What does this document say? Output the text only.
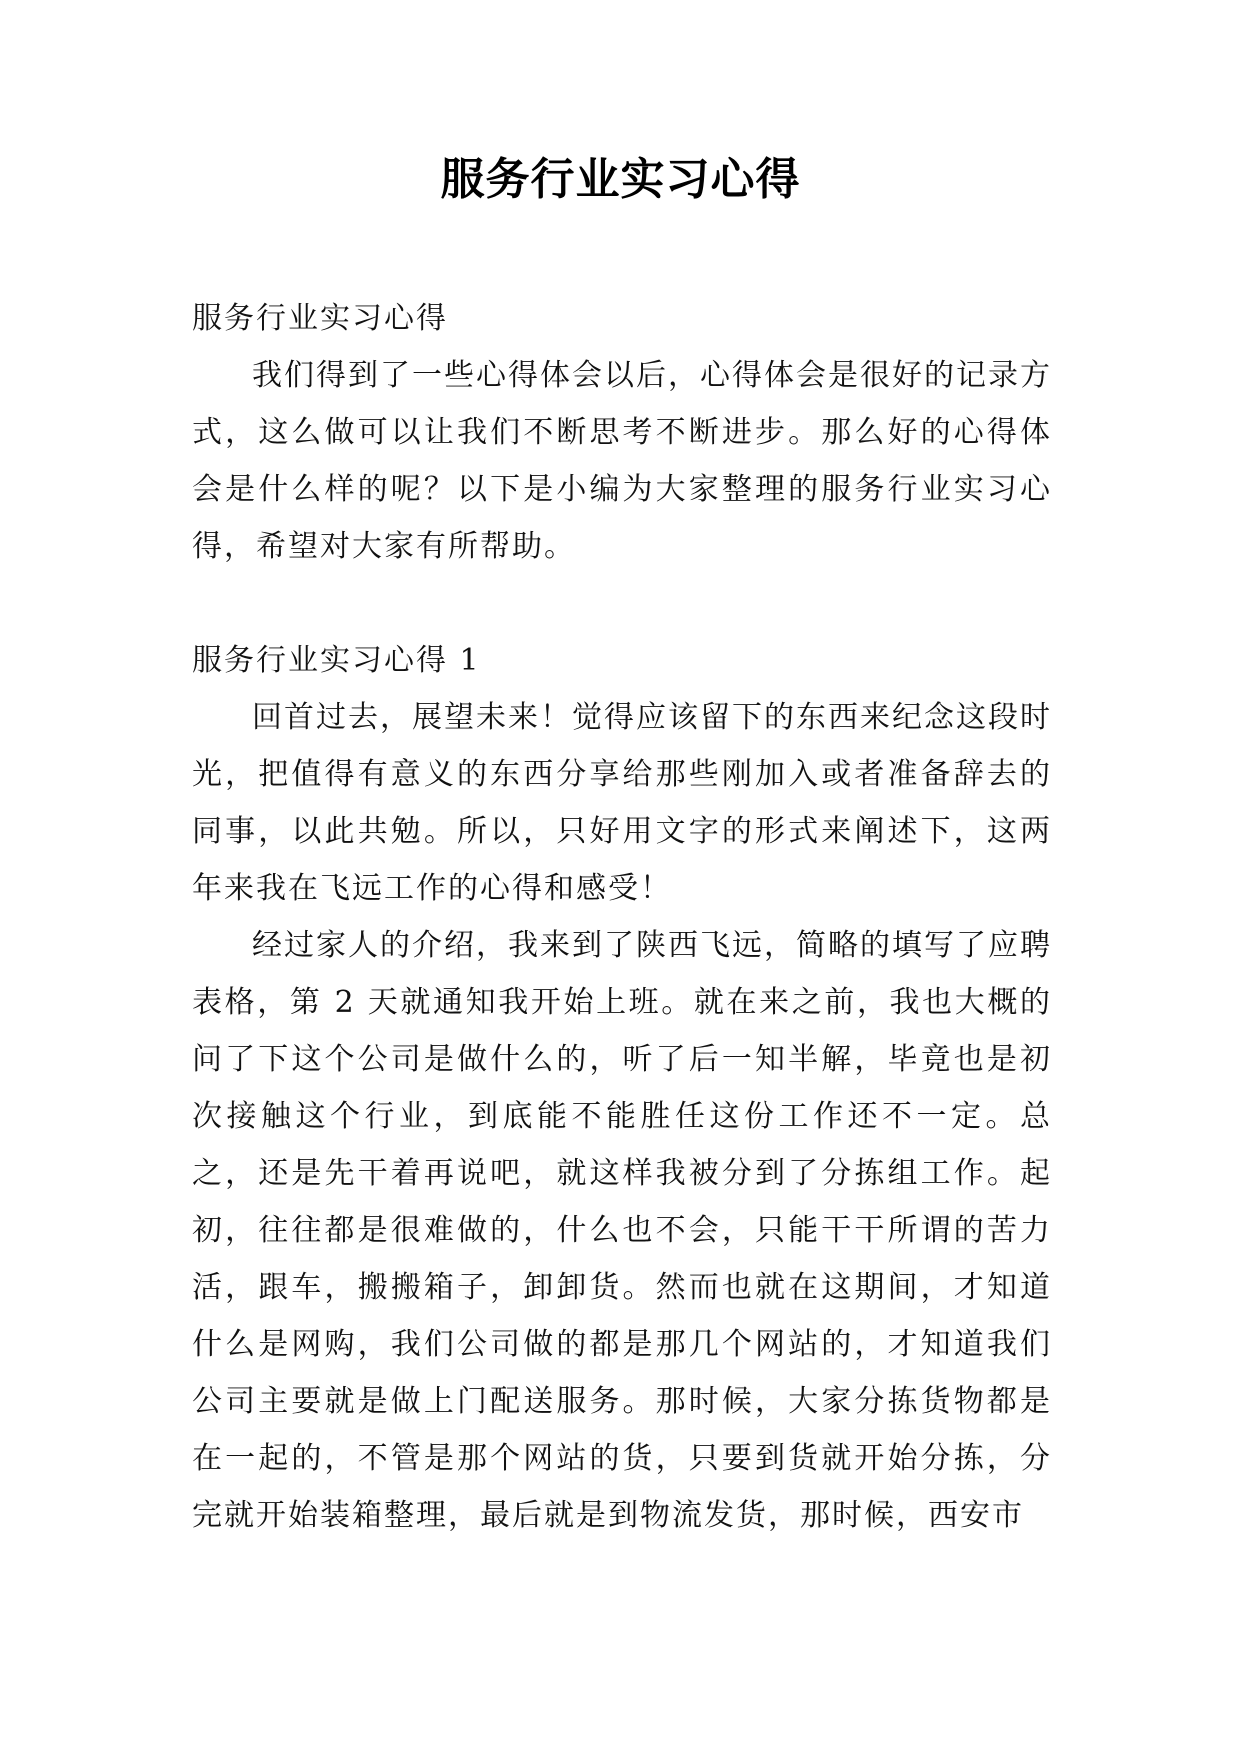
服务行业实习心得

服务行业实习心得

我们得到了一些心得体会以后，心得体会是很好的记录方式，这么做可以让我们不断思考不断进步。那么好的心得体会是什么样的呢？以下是小编为大家整理的服务行业实习心得，希望对大家有所帮助。

服务行业实习心得 1

回首过去，展望未来！觉得应该留下的东西来纪念这段时光，把值得有意义的东西分享给那些刚加入或者准备辞去的同事，以此共勉。所以，只好用文字的形式来阐述下，这两年来我在飞远工作的心得和感受！

经过家人的介绍，我来到了陕西飞远，简略的填写了应聘表格，第 2 天就通知我开始上班。就在来之前，我也大概的问了下这个公司是做什么的，听了后一知半解，毕竟也是初次接触这个行业，到底能不能胜任这份工作还不一定。总之，还是先干着再说吧，就这样我被分到了分拣组工作。起初，往往都是很难做的，什么也不会，只能干干所谓的苦力活，跟车，搬搬箱子，卸卸货。然而也就在这期间，才知道什么是网购，我们公司做的都是那几个网站的，才知道我们公司主要就是做上门配送服务。那时候，大家分拣货物都是在一起的，不管是那个网站的货，只要到货就开始分拣，分完就开始装箱整理，最后就是到物流发货，那时候，西安市
